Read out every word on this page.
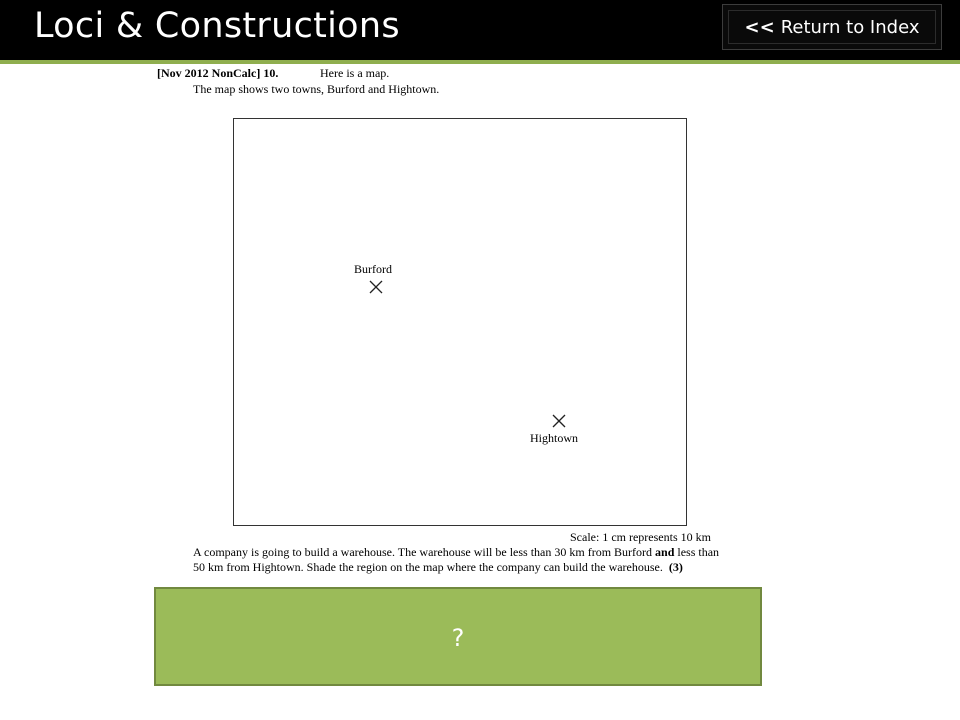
Loci & Constructions	<< Return to Index
[Nov 2012 NonCalc] 10.	Here is a map.
The map shows two towns, Burford and Hightown.
Burford
Hightown
Scale: 1 cm represents 10 km
A company is going to build a warehouse. The warehouse will be less than 30 km from Burford and less than
50 km from Hightown. Shade the region on the map where the company can build the warehouse. (3)
?
